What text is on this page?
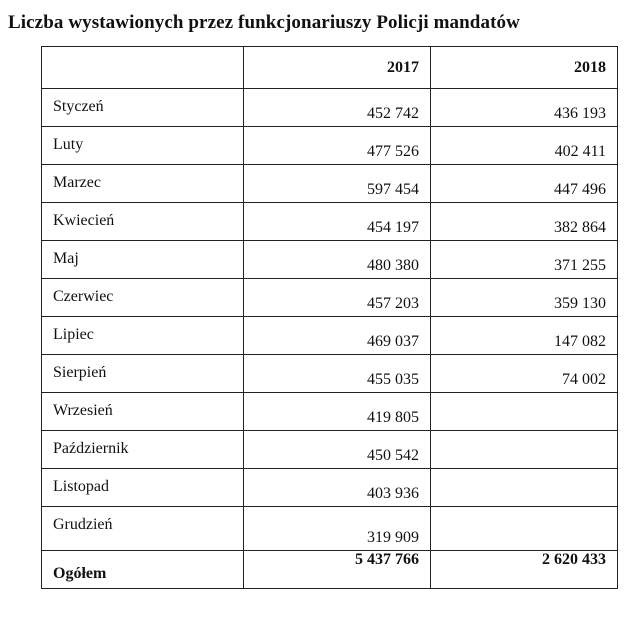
Liczba wystawionych przez funkcjonariuszy Policji mandatów
	2017	2018
Styczeń	452 742	436 193
Luty	477 526	402 411
Marzec	597 454	447 496
Kwiecień	454 197	382 864
Maj	480 380	371 255
Czerwiec	457 203	359 130
Lipiec	469 037	147 082
Sierpień	455 035	74 002
Wrzesień	419 805	
Październik	450 542	
Listopad	403 936	
Grudzień	319 909	
Ogółem	5 437 766	2 620 433
